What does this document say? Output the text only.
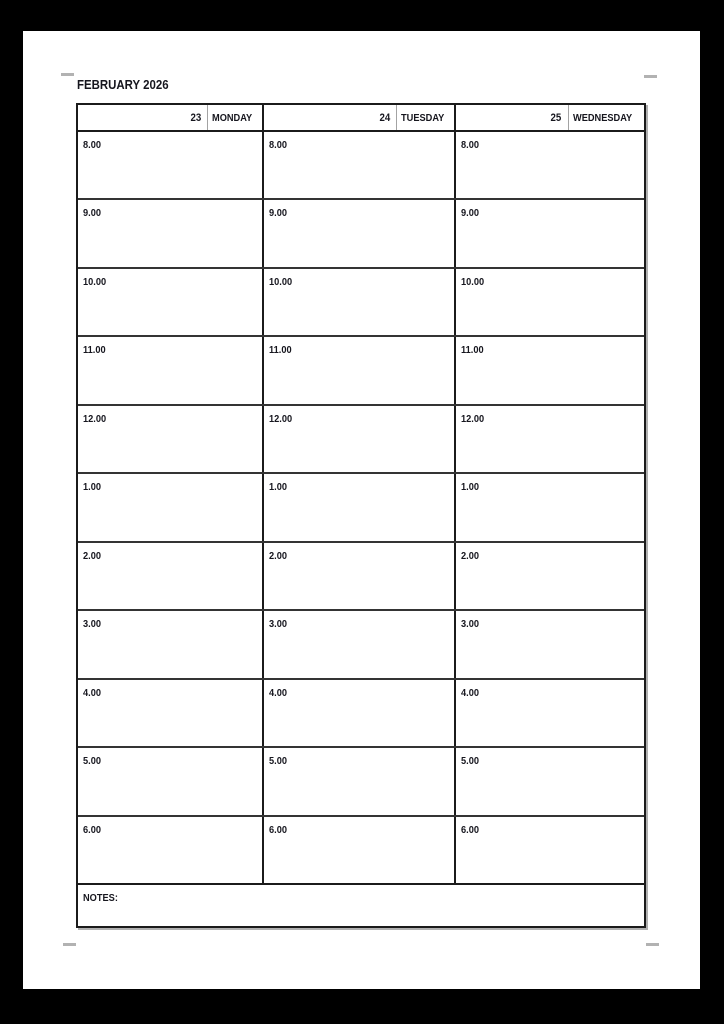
FEBRUARY 2026
23 MONDAY	24 TUESDAY	25 WEDNESDAY
8.00	8.00	8.00
9.00	9.00	9.00
10.00	10.00	10.00
11.00	11.00	11.00
12.00	12.00	12.00
1.00	1.00	1.00
2.00	2.00	2.00
3.00	3.00	3.00
4.00	4.00	4.00
5.00	5.00	5.00
6.00	6.00	6.00
NOTES:
